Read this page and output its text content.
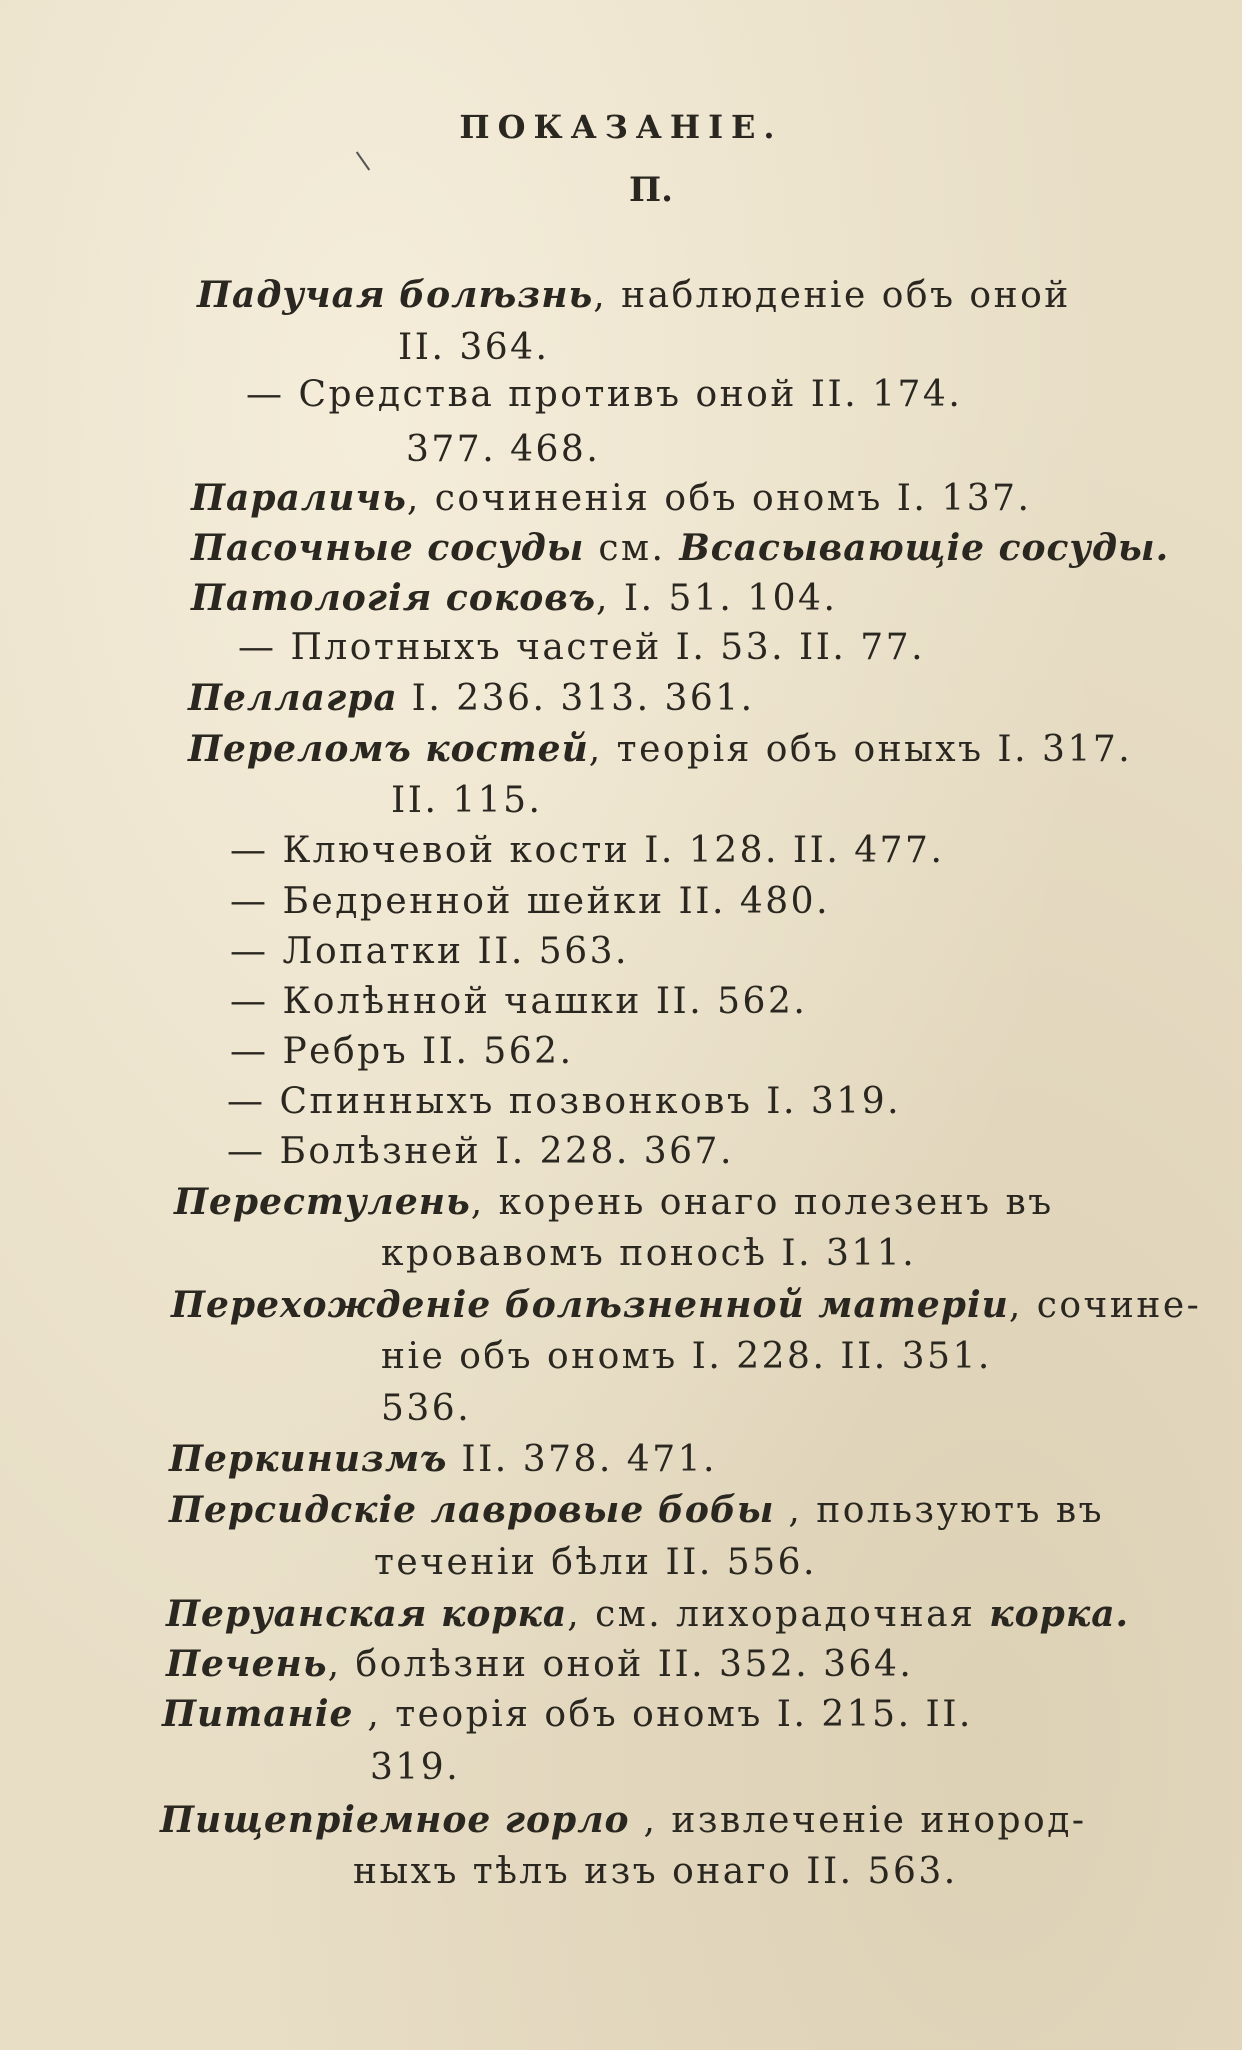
ПОКАЗАНІЕ.
П.
Падучая болѣзнь, наблюденіе объ оной
II. 364.
— Средства противъ оной II. 174.
377. 468.
Параличь, сочиненія объ ономъ I. 137.
Пасочные сосуды см. Всасывающіе сосуды.
Патологія соковъ, I. 51. 104.
— Плотныхъ частей I. 53. II. 77.
Пеллагра I. 236. 313. 361.
Переломъ костей, теорія объ оныхъ I. 317.
II. 115.
— Ключевой кости I. 128. II. 477.
— Бедренной шейки II. 480.
— Лопатки II. 563.
— Колѣнной чашки II. 562.
— Ребръ II. 562.
— Спинныхъ позвонковъ I. 319.
— Болѣзней I. 228. 367.
Перестулень, корень онаго полезенъ въ
кровавомъ поносѣ I. 311.
Перехожденіе болѣзненной матеріи, сочине-
ніе объ ономъ I. 228. II. 351.
536.
Перкинизмъ II. 378. 471.
Персидскіе лавровые бобы , пользуютъ въ
теченіи бѣли II. 556.
Перуанская корка, см. лихорадочная корка.
Печень, болѣзни оной II. 352. 364.
Питаніе , теорія объ ономъ I. 215. II.
319.
Пищепріемное горло , извлеченіе инород-
ныхъ тѣлъ изъ онаго II. 563.
